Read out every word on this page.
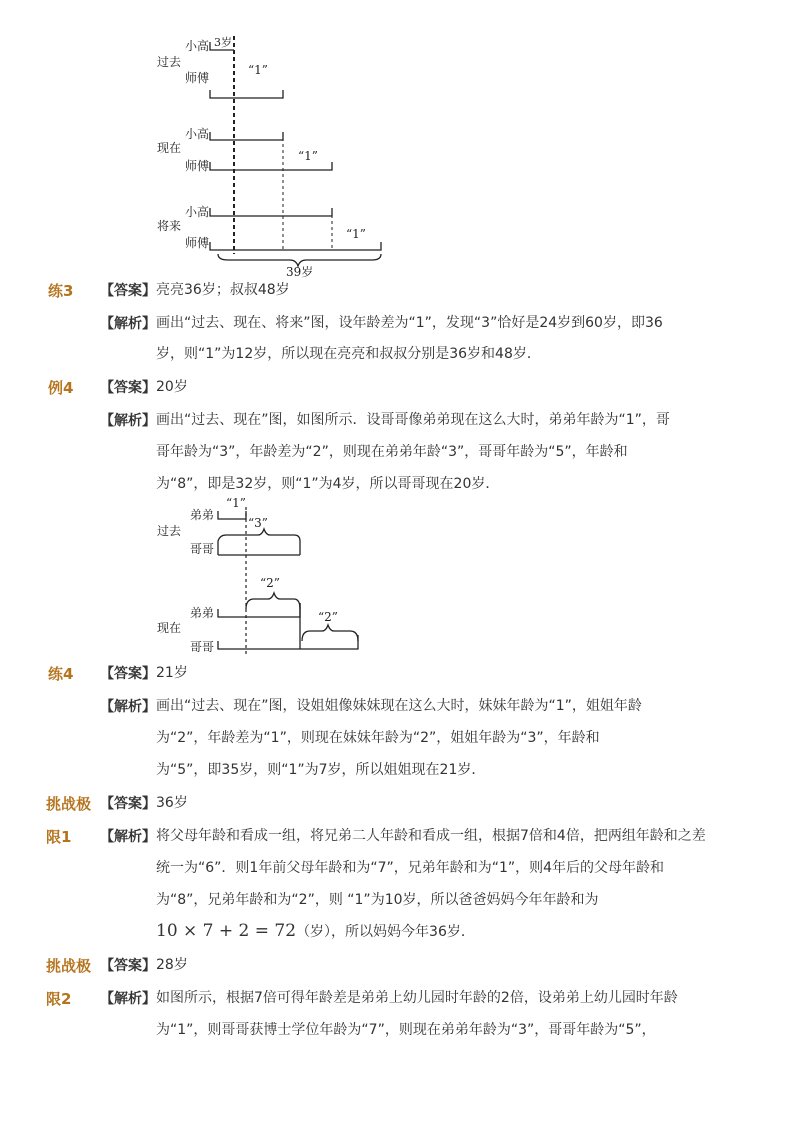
小高 3岁
过去
师傅
“1”
小高
现在
师傅
“1”
小高
将来
师傅
“1”
39岁
练3 【答案】 亮亮36岁；叔叔48岁
【解析】 画出“过去、现在、将来”图，设年龄差为“1”，发现“3”恰好是24岁到60岁，即36
岁，则“1”为12岁，所以现在亮亮和叔叔分别是36岁和48岁．
例4 【答案】 20岁
【解析】 画出“过去、现在”图，如图所示．设哥哥像弟弟现在这么大时，弟弟年龄为“1”，哥
哥年龄为“3”，年龄差为“2”，则现在弟弟年龄“3”，哥哥年龄为“5”，年龄和
为“8”，即是32岁，则“1”为4岁，所以哥哥现在20岁．
“1”
弟弟
“3”
过去
哥哥
“2”
弟弟
现在
“2”
哥哥
练4 【答案】 21岁
【解析】 画出“过去、现在”图，设姐姐像妹妹现在这么大时，妹妹年龄为“1”，姐姐年龄
为“2”，年龄差为“1”，则现在妹妹年龄为“2”，姐姐年龄为“3”，年龄和
为“5”，即35岁，则“1”为7岁，所以姐姐现在21岁．
挑战极 【答案】 36岁
限1 【解析】 将父母年龄和看成一组，将兄弟二人年龄和看成一组，根据7倍和4倍，把两组年龄和之差
统一为“6”．则1年前父母年龄和为“7”，兄弟年龄和为“1”，则4年后的父母年龄和
为“8”，兄弟年龄和为“2”，则 “1”为10岁，所以爸爸妈妈今年年龄和为
10 × 7 + 2 = 72（岁），所以妈妈今年36岁．
挑战极 【答案】 28岁
限2 【解析】 如图所示，根据7倍可得年龄差是弟弟上幼儿园时年龄的2倍，设弟弟上幼儿园时年龄
为“1”，则哥哥获博士学位年龄为“7”，则现在弟弟年龄为“3”，哥哥年龄为“5”，
